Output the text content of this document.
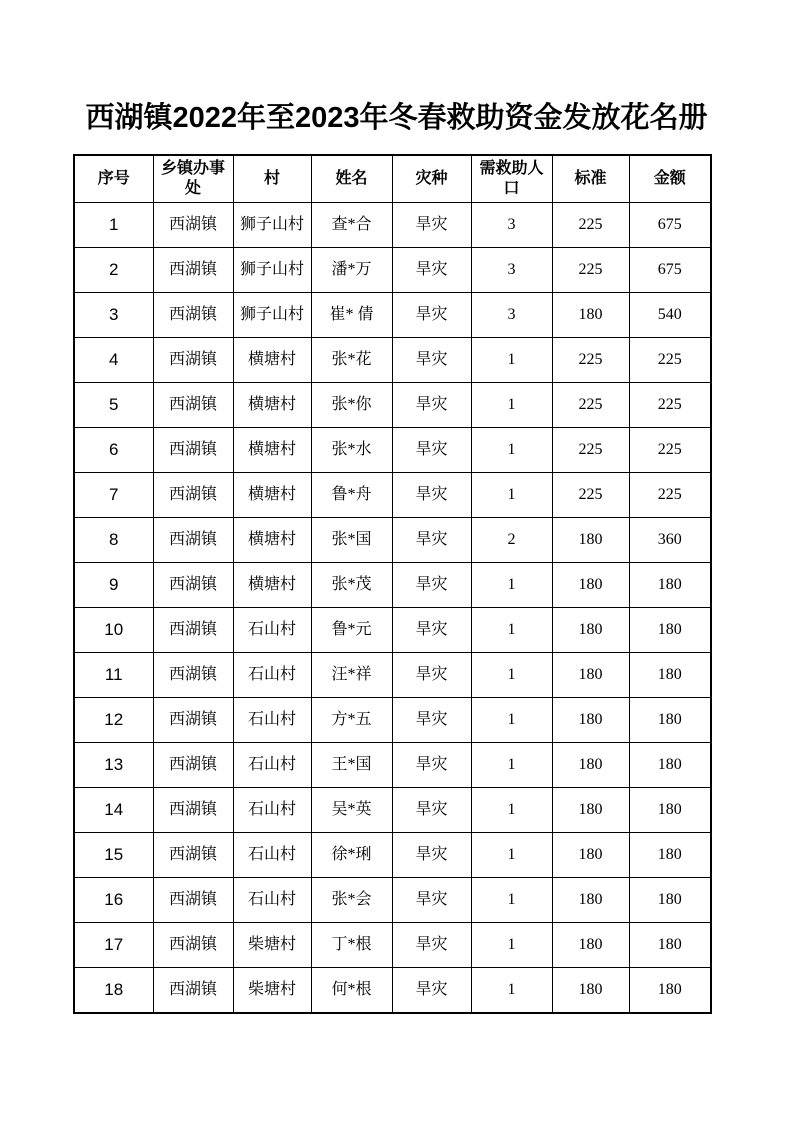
西湖镇2022年至2023年冬春救助资金发放花名册
序号	乡镇办事处	村	姓名	灾种	需救助人口	标准	金额
1	西湖镇	狮子山村	查*合	旱灾	3	225	675
2	西湖镇	狮子山村	潘*万	旱灾	3	225	675
3	西湖镇	狮子山村	崔* 倩	旱灾	3	180	540
4	西湖镇	横塘村	张*花	旱灾	1	225	225
5	西湖镇	横塘村	张*你	旱灾	1	225	225
6	西湖镇	横塘村	张*水	旱灾	1	225	225
7	西湖镇	横塘村	鲁*舟	旱灾	1	225	225
8	西湖镇	横塘村	张*国	旱灾	2	180	360
9	西湖镇	横塘村	张*茂	旱灾	1	180	180
10	西湖镇	石山村	鲁*元	旱灾	1	180	180
11	西湖镇	石山村	汪*祥	旱灾	1	180	180
12	西湖镇	石山村	方*五	旱灾	1	180	180
13	西湖镇	石山村	王*国	旱灾	1	180	180
14	西湖镇	石山村	吴*英	旱灾	1	180	180
15	西湖镇	石山村	徐*琍	旱灾	1	180	180
16	西湖镇	石山村	张*会	旱灾	1	180	180
17	西湖镇	柴塘村	丁*根	旱灾	1	180	180
18	西湖镇	柴塘村	何*根	旱灾	1	180	180
